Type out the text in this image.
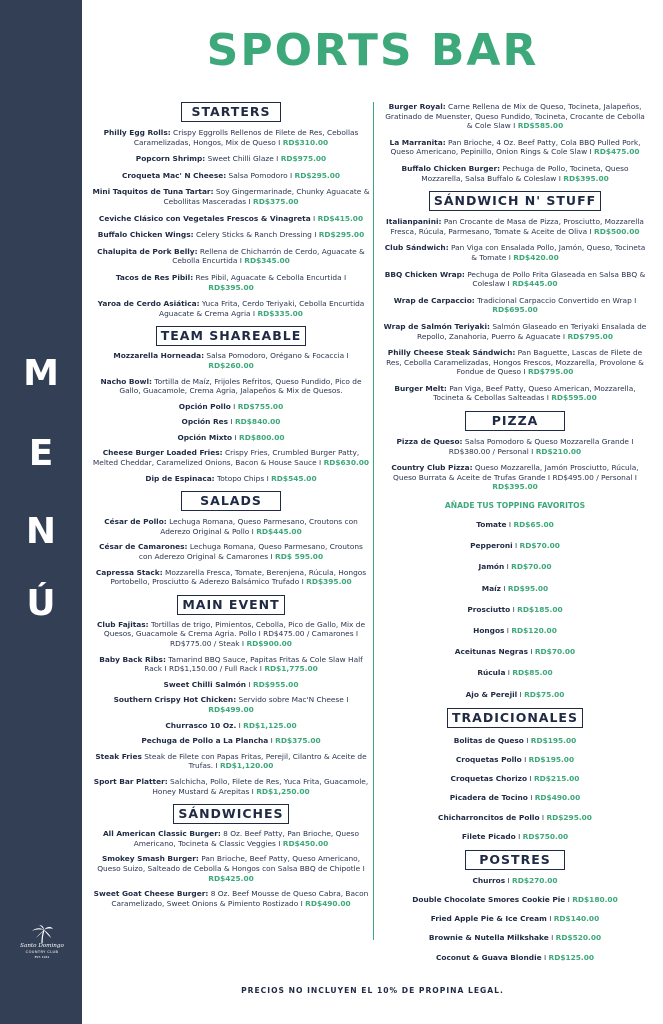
M
E
N
Ú
Santo Domingo
COUNTRY CLUB
EST. 1941
SPORTS BAR
STARTERS
Philly Egg Rolls: Crispy Eggrolls Rellenos de Filete de Res, Cebollas Caramelizadas, Hongos, Mix de Queso I RD$310.00
Popcorn Shrimp: Sweet Chilli Glaze I RD$975.00
Croqueta Mac' N Cheese: Salsa Pomodoro I RD$295.00
Mini Taquitos de Tuna Tartar: Soy Gingermarinade, Chunky Aguacate & Cebollitas Masceradas I RD$375.00
Ceviche Clásico con Vegetales Frescos & Vinagreta I RD$415.00
Buffalo Chicken Wings: Celery Sticks & Ranch Dressing I RD$295.00
Chalupita de Pork Belly: Rellena de Chicharrón de Cerdo, Aguacate & Cebolla Encurtida I RD$345.00
Tacos de Res Pibil: Res Pibil, Aguacate & Cebolla Encurtida I RD$395.00
Yaroa de Cerdo Asiática: Yuca Frita, Cerdo Teriyaki, Cebolla Encurtida Aguacate & Crema Agria I RD$335.00
TEAM SHAREABLE
Mozzarella Horneada: Salsa Pomodoro, Orégano & Focaccia I RD$260.00
Nacho Bowl: Tortilla de Maíz, Frijoles Refritos, Queso Fundido, Pico de Gallo, Guacamole, Crema Agria, Jalapeños & Mix de Quesos.
Opción Pollo I RD$755.00
Opción Res I RD$840.00
Opción Mixto I RD$800.00
Cheese Burger Loaded Fries: Crispy Fries, Crumbled Burger Patty, Melted Cheddar, Caramelized Onions, Bacon & House Sauce I RD$630.00
Dip de Espinaca: Totopo Chips I RD$545.00
SALADS
César de Pollo: Lechuga Romana, Queso Parmesano, Croutons con Aderezo Original & Pollo I RD$445.00
César de Camarones: Lechuga Romana, Queso Parmesano, Croutons con Aderezo Original & Camarones I RD$ 595.00
Capressa Stack: Mozzarella Fresca, Tomate, Berenjena, Rúcula, Hongos Portobello, Prosciutto & Aderezo Balsámico Trufado I RD$395.00
MAIN EVENT
Club Fajitas: Tortillas de trigo, Pimientos, Cebolla, Pico de Gallo, Mix de Quesos, Guacamole & Crema Agria. Pollo I RD$475.00 / Camarones I RD$775.00 / Steak I RD$900.00
Baby Back Ribs: Tamarind BBQ Sauce, Papitas Fritas & Cole Slaw Half Rack I RD$1,150.00 / Full Rack I RD$1,775.00
Sweet Chilli Salmón I RD$955.00
Southern Crispy Hot Chicken: Servido sobre Mac'N Cheese I RD$499.00
Churrasco 10 Oz. I RD$1,125.00
Pechuga de Pollo a La Plancha I RD$375.00
Steak Fries Steak de Filete con Papas Fritas, Perejil, Cilantro & Aceite de Trufas. I RD$1,120.00
Sport Bar Platter: Salchicha, Pollo, Filete de Res, Yuca Frita, Guacamole, Honey Mustard & Arepitas I RD$1,250.00
SÁNDWICHES
All American Classic Burger: 8 Oz. Beef Patty, Pan Brioche, Queso Americano, Tocineta & Classic Veggies I RD$450.00
Smokey Smash Burger: Pan Brioche, Beef Patty, Queso Americano, Queso Suizo, Salteado de Cebolla & Hongos con Salsa BBQ de Chipotle I RD$425.00
Sweet Goat Cheese Burger: 8 Oz. Beef Mousse de Queso Cabra, Bacon Caramelizado, Sweet Onions & Pimiento Rostizado I RD$490.00
Burger Royal: Carne Rellena de Mix de Queso, Tocineta, Jalapeños, Gratinado de Muenster, Queso Fundido, Tocineta, Crocante de Cebolla & Cole Slaw I RD$585.00
La Marranita: Pan Brioche, 4 Oz. Beef Patty, Cola BBQ Pulled Pork, Queso Americano, Pepinillo, Onion Rings & Cole Slaw I RD$475.00
Buffalo Chicken Burger: Pechuga de Pollo, Tocineta, Queso Mozzarella, Salsa Buffalo & Coleslaw I RD$395.00
SÁNDWICH N' STUFF
Italianpanini: Pan Crocante de Masa de Pizza, Prosciutto, Mozzarella Fresca, Rúcula, Parmesano, Tomate & Aceite de Oliva I RD$500.00
Club Sándwich: Pan Viga con Ensalada Pollo, Jamón, Queso, Tocineta & Tomate I RD$420.00
BBQ Chicken Wrap: Pechuga de Pollo Frita Glaseada en Salsa BBQ & Coleslaw I RD$445.00
Wrap de Carpaccio: Tradicional Carpaccio Convertido en Wrap I RD$695.00
Wrap de Salmón Teriyaki: Salmón Glaseado en Teriyaki Ensalada de Repollo, Zanahoria, Puerro & Aguacate I RD$795.00
Philly Cheese Steak Sándwich: Pan Baguette, Lascas de Filete de Res, Cebolla Caramelizadas, Hongos Frescos, Mozzarella, Provolone & Fondue de Queso I RD$795.00
Burger Melt: Pan Viga, Beef Patty, Queso American, Mozzarella, Tocineta & Cebollas Salteadas I RD$595.00
PIZZA
Pizza de Queso: Salsa Pomodoro & Queso Mozzarella Grande I RD$380.00 / Personal I RD$210.00
Country Club Pizza: Queso Mozzarella, Jamón Prosciutto, Rúcula, Queso Burrata & Aceite de Trufas Grande I RD$495.00 / Personal I RD$395.00
AÑADE TUS TOPPING FAVORITOS
Tomate I RD$65.00
Pepperoni I RD$70.00
Jamón I RD$70.00
Maíz I RD$95.00
Prosciutto I RD$185.00
Hongos I RD$120.00
Aceitunas Negras I RD$70.00
Rúcula I RD$85.00
Ajo & Perejil I RD$75.00
TRADICIONALES
Bolitas de Queso I RD$195.00
Croquetas Pollo I RD$195.00
Croquetas Chorizo I RD$215.00
Picadera de Tocino I RD$490.00
Chicharroncitos de Pollo I RD$295.00
Filete Picado I RD$750.00
POSTRES
Churros I RD$270.00
Double Chocolate Smores Cookie Pie I RD$180.00
Fried Apple Pie & Ice Cream I RD$140.00
Brownie & Nutella Milkshake I RD$520.00
Coconut & Guava Blondie I RD$125.00
PRECIOS NO INCLUYEN EL 10% DE PROPINA LEGAL.
